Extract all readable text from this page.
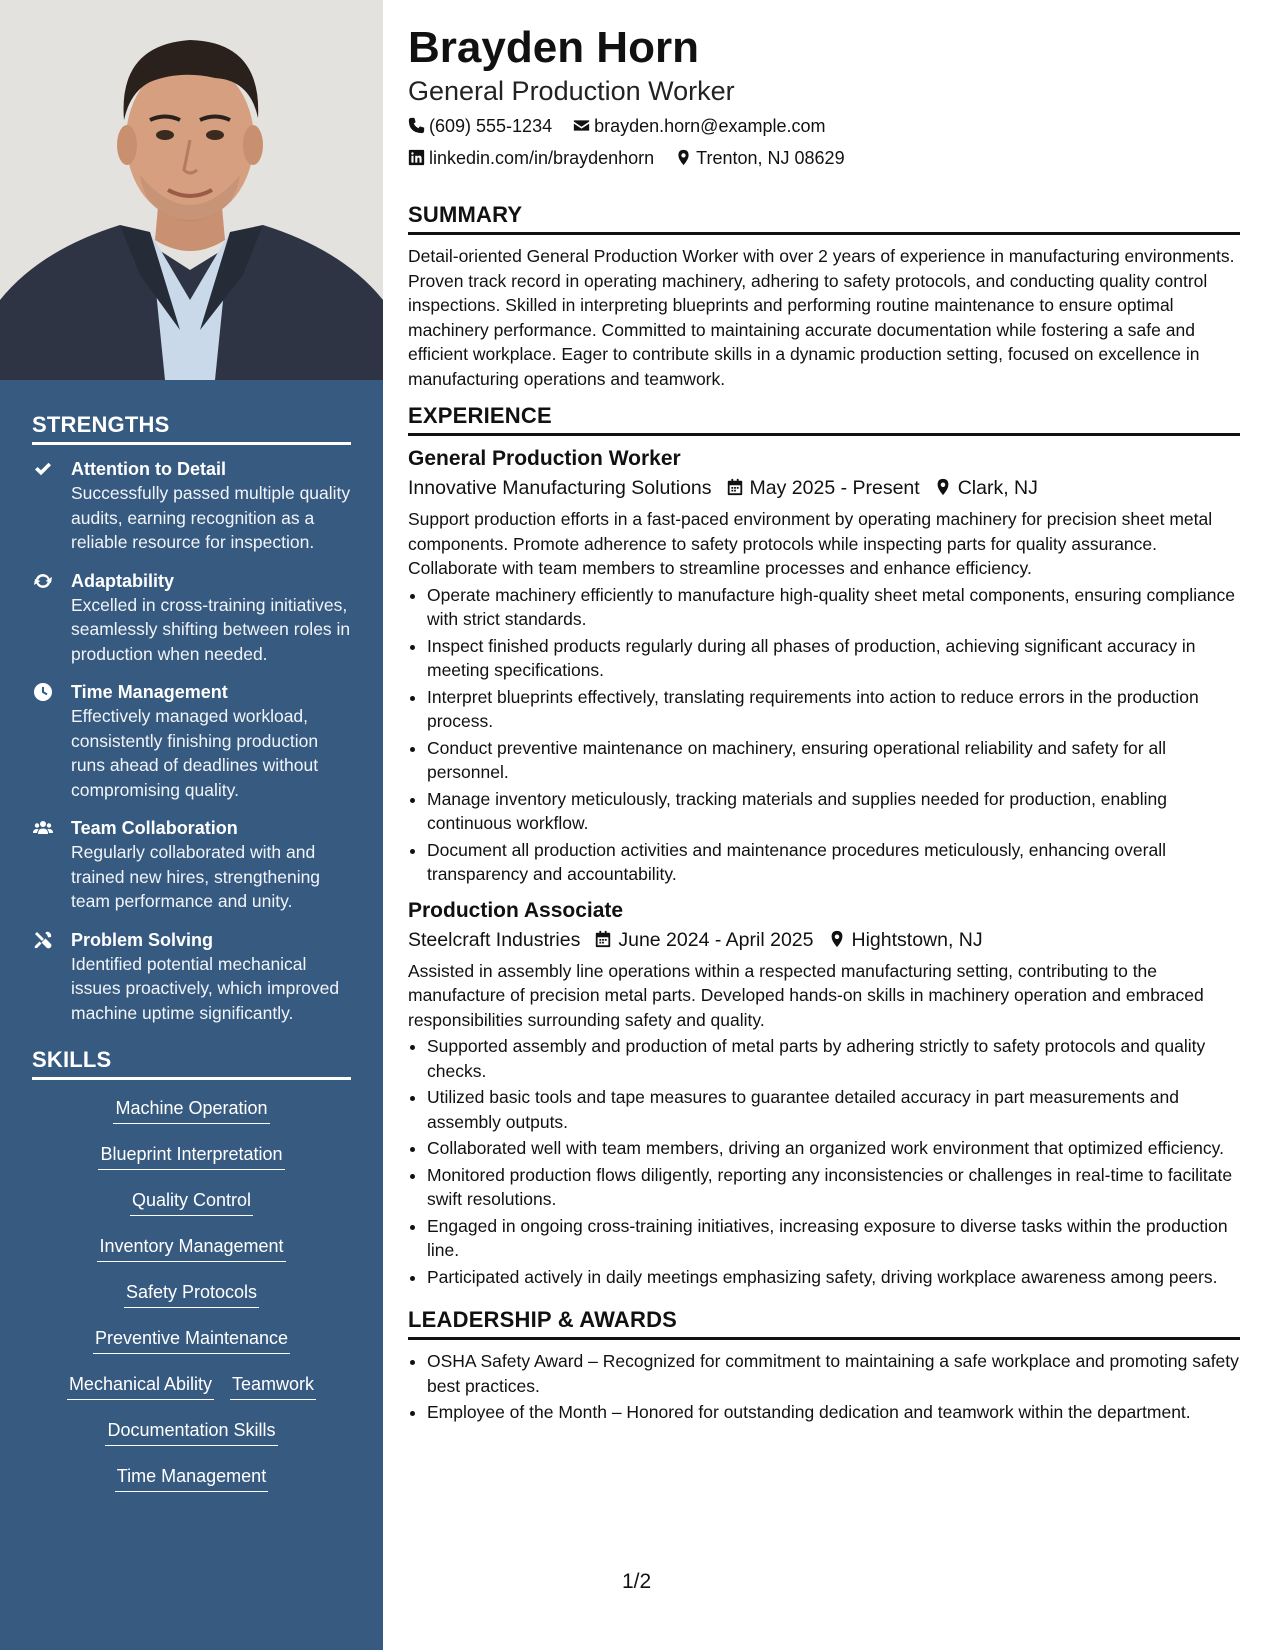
STRENGTHS
Attention to Detail
Successfully passed multiple quality audits, earning recognition as a reliable resource for inspection.
Adaptability
Excelled in cross-training initiatives, seamlessly shifting between roles in production when needed.
Time Management
Effectively managed workload, consistently finishing production runs ahead of deadlines without compromising quality.
Team Collaboration
Regularly collaborated with and trained new hires, strengthening team performance and unity.
Problem Solving
Identified potential mechanical issues proactively, which improved machine uptime significantly.
SKILLS
Machine Operation
Blueprint Interpretation
Quality Control
Inventory Management
Safety Protocols
Preventive Maintenance
Mechanical Ability Teamwork
Documentation Skills
Time Management
Brayden Horn
General Production Worker
(609) 555-1234 brayden.horn@example.com
linkedin.com/in/braydenhorn Trenton, NJ 08629
SUMMARY
Detail-oriented General Production Worker with over 2 years of experience in manufacturing environments. Proven track record in operating machinery, adhering to safety protocols, and conducting quality control inspections. Skilled in interpreting blueprints and performing routine maintenance to ensure optimal machinery performance. Committed to maintaining accurate documentation while fostering a safe and efficient workplace. Eager to contribute skills in a dynamic production setting, focused on excellence in manufacturing operations and teamwork.
EXPERIENCE
General Production Worker
Innovative Manufacturing Solutions May 2025 - Present Clark, NJ
Support production efforts in a fast-paced environment by operating machinery for precision sheet metal components. Promote adherence to safety protocols while inspecting parts for quality assurance. Collaborate with team members to streamline processes and enhance efficiency.
• Operate machinery efficiently to manufacture high-quality sheet metal components, ensuring compliance with strict standards.
• Inspect finished products regularly during all phases of production, achieving significant accuracy in meeting specifications.
• Interpret blueprints effectively, translating requirements into action to reduce errors in the production process.
• Conduct preventive maintenance on machinery, ensuring operational reliability and safety for all personnel.
• Manage inventory meticulously, tracking materials and supplies needed for production, enabling continuous workflow.
• Document all production activities and maintenance procedures meticulously, enhancing overall transparency and accountability.
Production Associate
Steelcraft Industries June 2024 - April 2025 Hightstown, NJ
Assisted in assembly line operations within a respected manufacturing setting, contributing to the manufacture of precision metal parts. Developed hands-on skills in machinery operation and embraced responsibilities surrounding safety and quality.
• Supported assembly and production of metal parts by adhering strictly to safety protocols and quality checks.
• Utilized basic tools and tape measures to guarantee detailed accuracy in part measurements and assembly outputs.
• Collaborated well with team members, driving an organized work environment that optimized efficiency.
• Monitored production flows diligently, reporting any inconsistencies or challenges in real-time to facilitate swift resolutions.
• Engaged in ongoing cross-training initiatives, increasing exposure to diverse tasks within the production line.
• Participated actively in daily meetings emphasizing safety, driving workplace awareness among peers.
LEADERSHIP & AWARDS
• OSHA Safety Award – Recognized for commitment to maintaining a safe workplace and promoting safety best practices.
• Employee of the Month – Honored for outstanding dedication and teamwork within the department.
1/2
